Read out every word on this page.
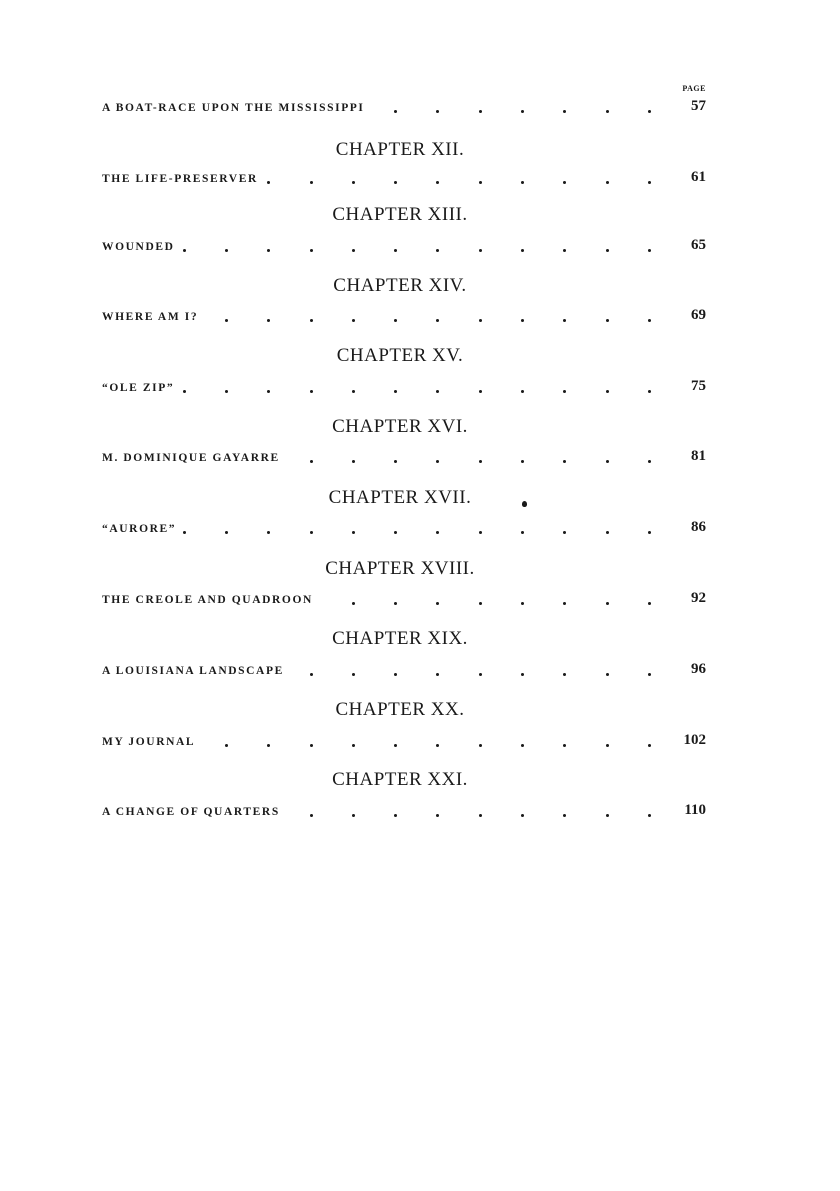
PAGE
A BOAT-RACE UPON THE MISSISSIPPI	57
CHAPTER XII.
THE LIFE-PRESERVER	61
CHAPTER XIII.
WOUNDED	65
CHAPTER XIV.
WHERE AM I?	69
CHAPTER XV.
“OLE ZIP”	75
CHAPTER XVI.
M. DOMINIQUE GAYARRE	81
CHAPTER XVII.
“AURORE”	86
CHAPTER XVIII.
THE CREOLE AND QUADROON	92
CHAPTER XIX.
A LOUISIANA LANDSCAPE	96
CHAPTER XX.
MY JOURNAL	102
CHAPTER XXI.
A CHANGE OF QUARTERS	110
